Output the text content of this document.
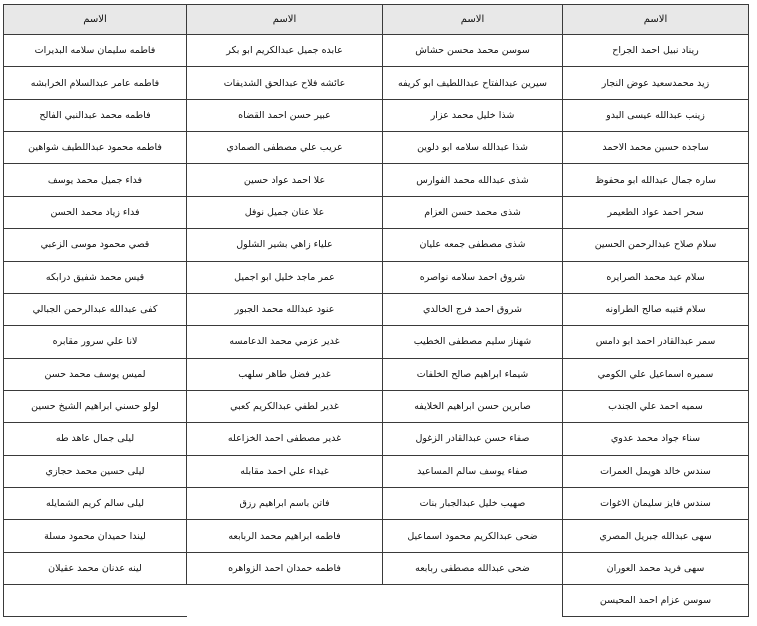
الاسم	الاسم	الاسم	الاسم
ريناد نبيل احمد الجراح	سوسن محمد محسن حشاش	عابده جميل عبدالكريم ابو بكر	فاطمه سليمان سلامه البديرات
زيد محمدسعيد عوض النجار	سيرين عبدالفتاح عبداللطيف ابو كريفه	عائشه فلاح عبدالحق الشديفات	فاطمه عامر عبدالسلام الخرابشه
زينب عبدالله عيسى البدو	شذا خليل محمد عزار	عبير حسن احمد القضاه	فاطمه محمد عبدالنبي الفالح
ساجده حسين محمد الاحمد	شذا عبدالله سلامه ابو دلوين	عريب علي مصطفى الصمادي	فاطمه محمود عبداللطيف شواهين
ساره جمال عبدالله ابو محفوظ	شذى عبدالله محمد الفوارس	علا احمد عواد حسين	فداء جميل محمد يوسف
سحر احمد عواد الطعيمر	شذى محمد حسن العزام	علا عنان جميل نوفل	فداء زياد محمد الحسن
سلام صلاح عبدالرحمن الحسين	شذى مصطفى جمعه عليان	علياء زاهي بشير الشلول	قصي محمود موسى الزعبي
سلام عبد محمد الصرايره	شروق احمد سلامه نواصره	عمر ماجد خليل ابو اجميل	قيس محمد شفيق درابكه
سلام قتيبه صالح الطراونه	شروق احمد فرج الخالدي	عنود عبدالله محمد الجبور	كفى عبدالله عبدالرحمن الجبالي
سمر عبدالقادر احمد ابو دامس	شهناز سليم مصطفى الخطيب	غدير عزمي محمد الدعامسه	لانا علي سرور مقابره
سميره اسماعيل علي الكومي	شيماء ابراهيم صالح الخلفات	غدير فضل طاهر سلهب	لميس يوسف محمد حسن
سميه احمد علي الجندب	صابرين حسن ابراهيم الخلايفه	غدير لطفي عبدالكريم كعبي	لولو حسني ابراهيم الشيخ حسين
سناء جواد محمد عدوي	صفاء حسن عبدالقادر الزغول	غدير مصطفى احمد الخزاعله	ليلى جمال عاهد طه
سندس خالد هويمل العمرات	صفاء يوسف سالم المساعيد	غيداء علي احمد مقابله	ليلى حسين محمد حجازي
سندس فايز سليمان الاغوات	صهيب خليل عبدالجبار بنات	فاتن باسم ابراهيم رزق	ليلى سالم كريم الشمايله
سهى عبدالله جبريل المصري	ضحى عبدالكريم محمود اسماعيل	فاطمه ابراهيم محمد الربابعه	ليندا حميدان محمود مسلة
سهى فريد محمد العوران	ضحى عبدالله مصطفى ربابعه	فاطمه حمدان احمد الزواهره	لينه عدنان محمد عقيلان
سوسن عزام احمد المحيسن			
